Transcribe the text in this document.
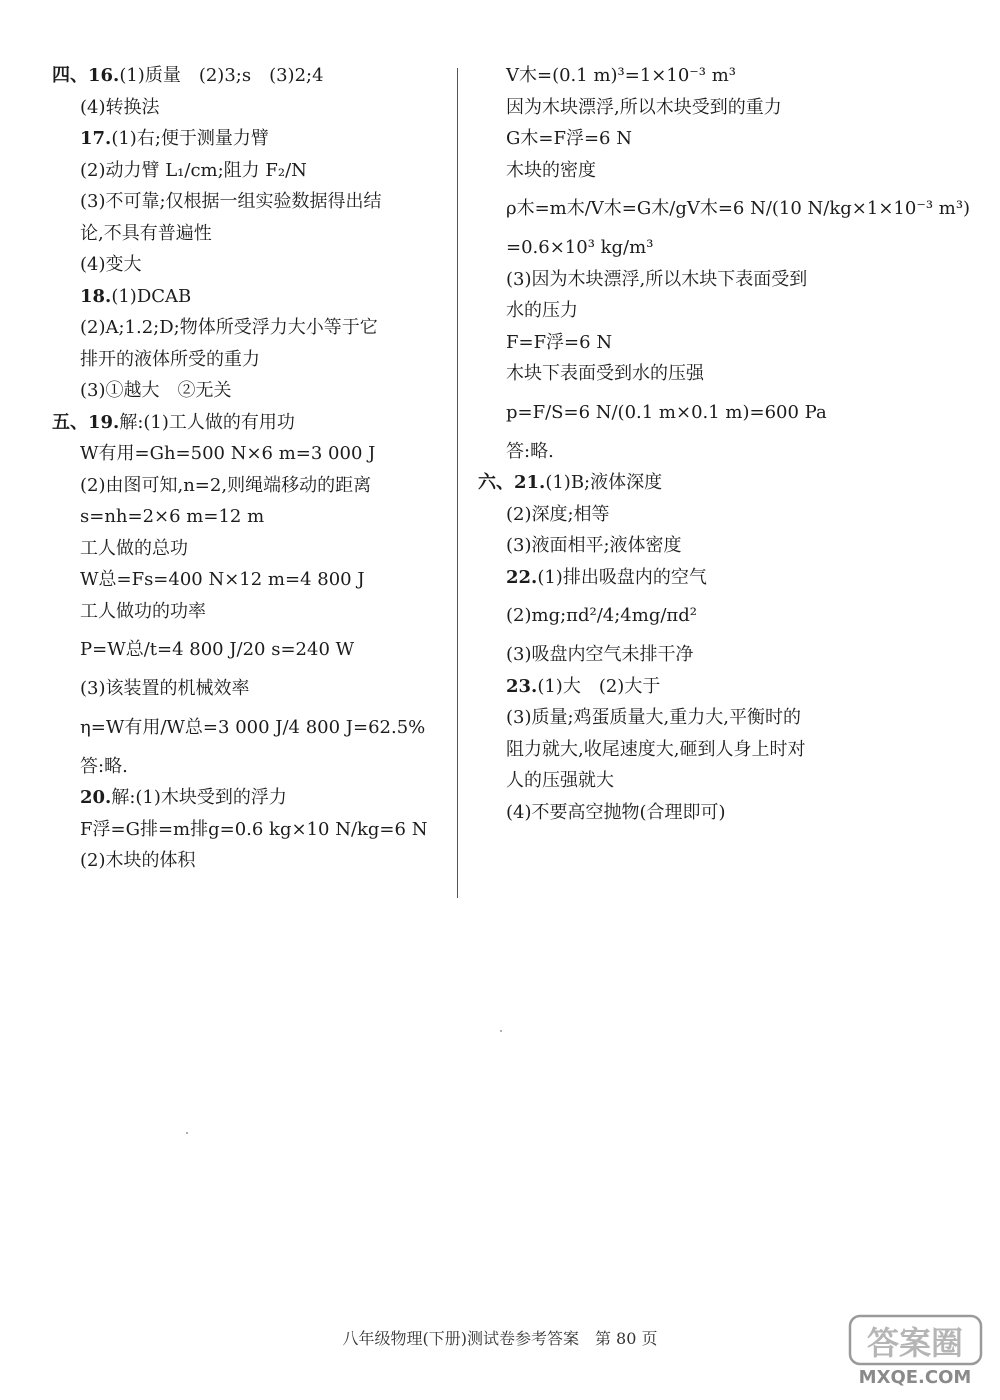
四、16.(1)质量　(2)3;s　(3)2;4
(4)转换法
17.(1)右;便于测量力臂
(2)动力臂 L₁/cm;阻力 F₂/N
(3)不可靠;仅根据一组实验数据得出结
论,不具有普遍性
(4)变大
18.(1)DCAB
(2)A;1.2;D;物体所受浮力大小等于它
排开的液体所受的重力
(3)①越大　②无关
五、19.解:(1)工人做的有用功
W有用=Gh=500 N×6 m=3 000 J
(2)由图可知,n=2,则绳端移动的距离
s=nh=2×6 m=12 m
工人做的总功
W总=Fs=400 N×12 m=4 800 J
工人做功的功率
P=W总/t=4 800 J/20 s=240 W
(3)该装置的机械效率
η=W有用/W总=3 000 J/4 800 J=62.5%
答:略.
20.解:(1)木块受到的浮力
F浮=G排=m排g=0.6 kg×10 N/kg=6 N
(2)木块的体积
V木=(0.1 m)³=1×10⁻³ m³
因为木块漂浮,所以木块受到的重力
G木=F浮=6 N
木块的密度
ρ木=m木/V木=G木/gV木=6 N/(10 N/kg×1×10⁻³ m³)
=0.6×10³ kg/m³
(3)因为木块漂浮,所以木块下表面受到
水的压力
F=F浮=6 N
木块下表面受到水的压强
p=F/S=6 N/(0.1 m×0.1 m)=600 Pa
答:略.
六、21.(1)B;液体深度
(2)深度;相等
(3)液面相平;液体密度
22.(1)排出吸盘内的空气
(2)mg;πd²/4;4mg/πd²
(3)吸盘内空气未排干净
23.(1)大　(2)大于
(3)质量;鸡蛋质量大,重力大,平衡时的
阻力就大,收尾速度大,砸到人身上时对
人的压强就大
(4)不要高空抛物(合理即可)
八年级物理(下册)测试卷参考答案　第 80 页	答案圈
MXQE.COM
